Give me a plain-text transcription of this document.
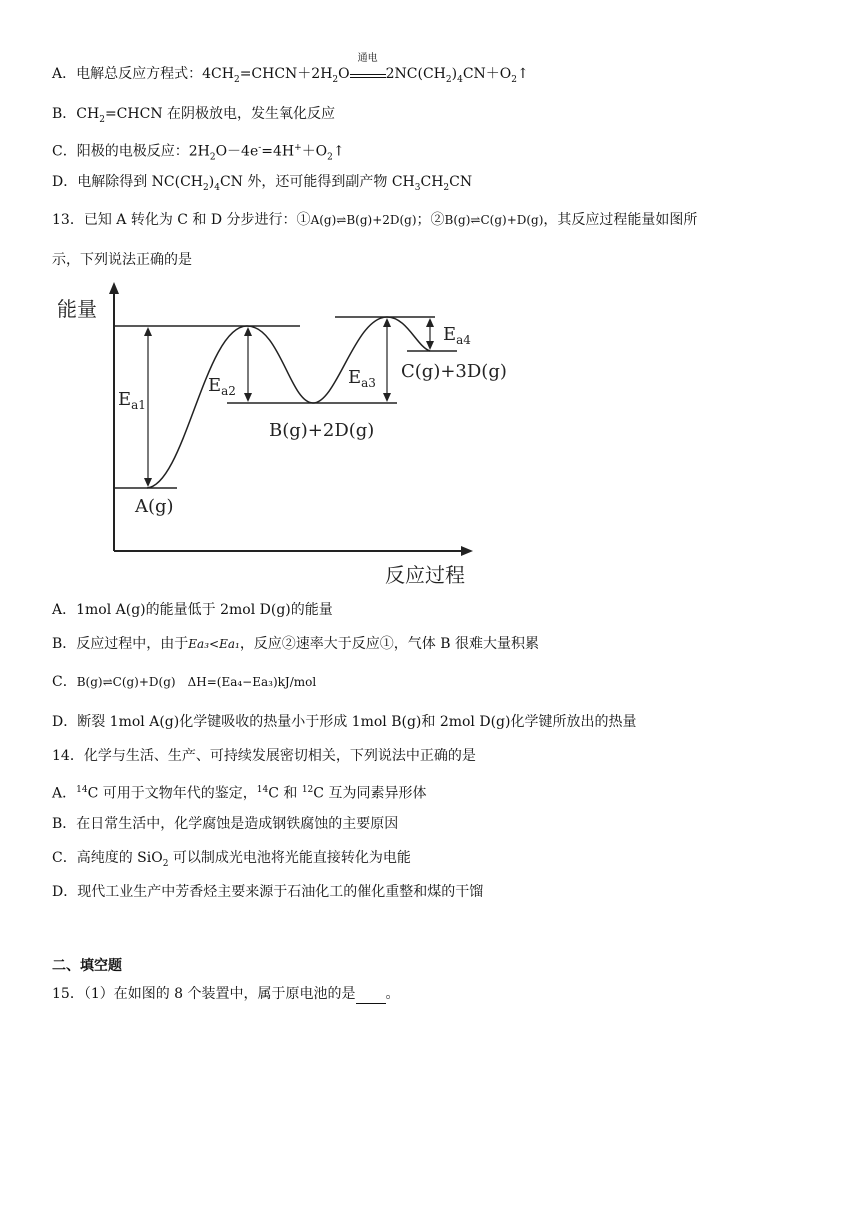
A．电解总反应方程式：$4CH_2=CHCN+2H_2O$
通电
$2NC(CH_2)_4CN+O_2↑$
B．$CH_2=CHCN$ 在阴极放电，发生氧化反应
C．阳极的电极反应：$2H_2O-4e^-=4H^++O_2↑$
D．电解除得到 $NC(CH_2)_4CN$ 外，还可能得到副产物 $CH_3CH_2CN$
13．已知 A 转化为 C 和 D 分步进行：①A(g)⇌B(g)+2D(g)；②B(g)⇌C(g)+D(g)，其反应过程能量如图所
示，下列说法正确的是
能量
反应过程
$E_{a1}$
$E_{a2}$
$E_{a3}$
$E_{a4}$
A(g)
B(g)+2D(g)
C(g)+3D(g)
A．1mol A(g)的能量低于 2mol D(g)的能量
B．反应过程中，由于Ea₃<Ea₁，反应②速率大于反应①，气体 B 很难大量积累
C．B(g)⇌C(g)+D(g)　ΔH=(Ea₄−Ea₃)kJ/mol
D．断裂 1mol A(g)化学键吸收的热量小于形成 1mol B(g)和 2mol D(g)化学键所放出的热量
14．化学与生活、生产、可持续发展密切相关，下列说法中正确的是
A．$^{14}$C 可用于文物年代的鉴定，$^{14}$C 和 $^{12}$C 互为同素异形体
B．在日常生活中，化学腐蚀是造成钢铁腐蚀的主要原因
C．高纯度的 SiO$_2$ 可以制成光电池将光能直接转化为电能
D．现代工业生产中芳香烃主要来源于石油化工的催化重整和煤的干馏
二、填空题
15．（1）在如图的 8 个装置中，属于原电池的是 。
